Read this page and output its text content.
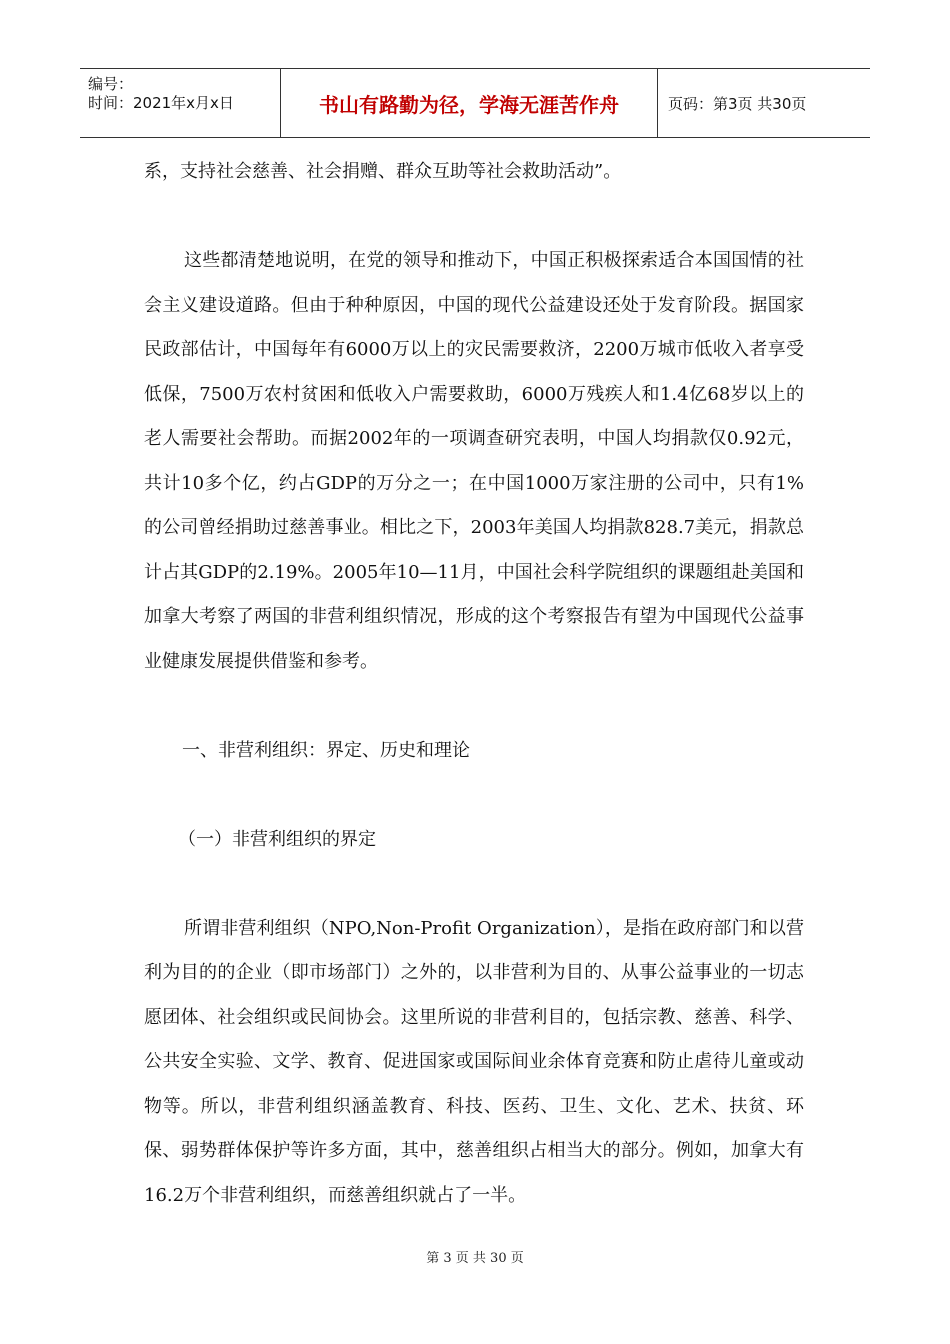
编号：
时间：2021年x月x日	书山有路勤为径，学海无涯苦作舟	页码：第3页 共30页

系，支持社会慈善、社会捐赠、群众互助等社会救助活动”。

这些都清楚地说明，在党的领导和推动下，中国正积极探索适合本国国情的社会主义建设道路。但由于种种原因，中国的现代公益建设还处于发育阶段。据国家民政部估计，中国每年有6000万以上的灾民需要救济，2200万城市低收入者享受低保，7500万农村贫困和低收入户需要救助，6000万残疾人和1.4亿68岁以上的老人需要社会帮助。而据2002年的一项调查研究表明，中国人均捐款仅0.92元，共计10多个亿，约占GDP的万分之一；在中国1000万家注册的公司中，只有1%的公司曾经捐助过慈善事业。相比之下，2003年美国人均捐款828.7美元，捐款总计占其GDP的2.19%。2005年10—11月，中国社会科学院组织的课题组赴美国和加拿大考察了两国的非营利组织情况，形成的这个考察报告有望为中国现代公益事业健康发展提供借鉴和参考。

一、非营利组织：界定、历史和理论

（一）非营利组织的界定

所谓非营利组织（NPO,Non-Profit Organization），是指在政府部门和以营利为目的的企业（即市场部门）之外的，以非营利为目的、从事公益事业的一切志愿团体、社会组织或民间协会。这里所说的非营利目的，包括宗教、慈善、科学、公共安全实验、文学、教育、促进国家或国际间业余体育竞赛和防止虐待儿童或动物等。所以，非营利组织涵盖教育、科技、医药、卫生、文化、艺术、扶贫、环保、弱势群体保护等许多方面，其中，慈善组织占相当大的部分。例如，加拿大有16.2万个非营利组织，而慈善组织就占了一半。

第 3 页 共 30 页
